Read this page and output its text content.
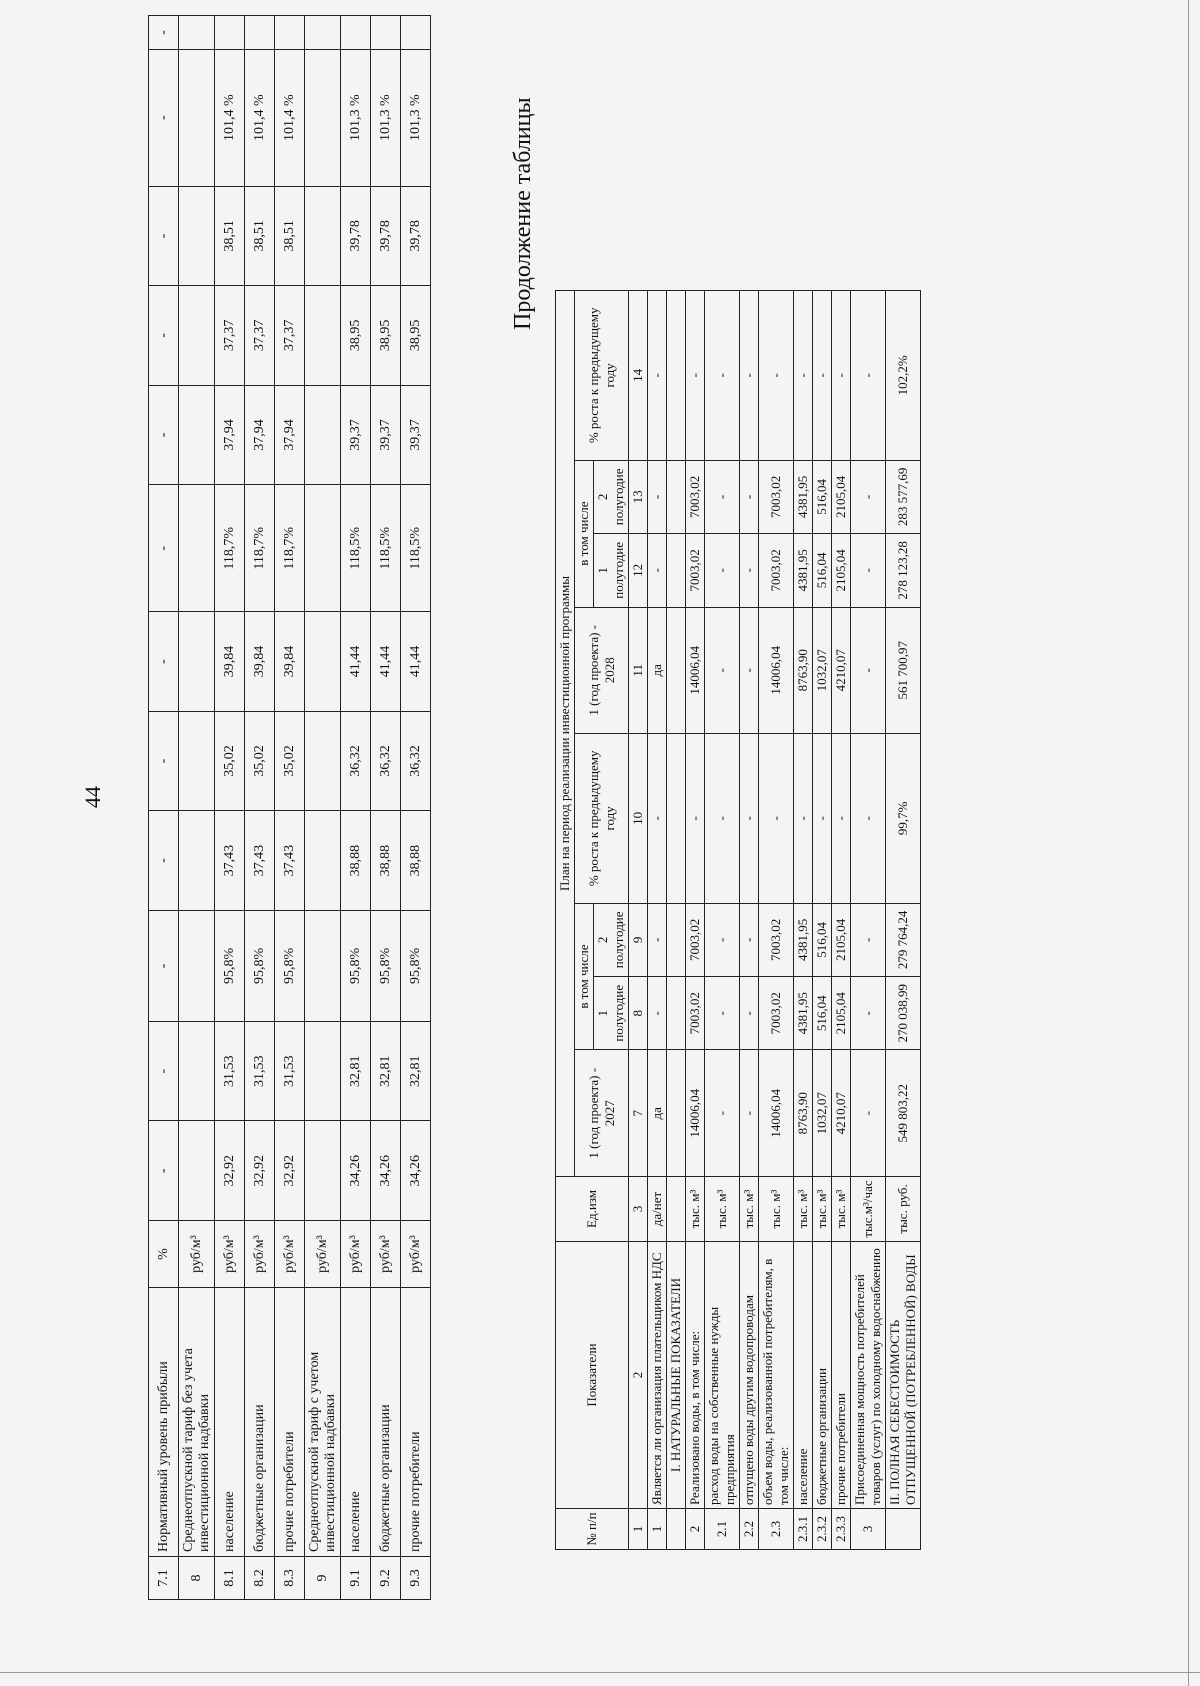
44
Продолжение таблицы
7.1	Нормативный уровень прибыли	%	-	-	-	-	-	-	-	-	-	-	-	-
8	Среднеотпускной тариф без учета инвестиционной надбавки	руб/м³												
8.1	население	руб/м³	32,92	31,53	95,8%	37,43	35,02	39,84	118,7%	37,94	37,37	38,51	101,4 %	
8.2	бюджетные организации	руб/м³	32,92	31,53	95,8%	37,43	35,02	39,84	118,7%	37,94	37,37	38,51	101,4 %	
8.3	прочие потребители	руб/м³	32,92	31,53	95,8%	37,43	35,02	39,84	118,7%	37,94	37,37	38,51	101,4 %	
9	Среднеотпускной тариф с учетом инвестиционной надбавки	руб/м³												
9.1	население	руб/м³	34,26	32,81	95,8%	38,88	36,32	41,44	118,5%	39,37	38,95	39,78	101,3 %	
9.2	бюджетные организации	руб/м³	34,26	32,81	95,8%	38,88	36,32	41,44	118,5%	39,37	38,95	39,78	101,3 %	
9.3	прочие потребители	руб/м³	34,26	32,81	95,8%	38,88	36,32	41,44	118,5%	39,37	38,95	39,78	101,3 %	
№ п/п	Показатели	Ед.изм	План на период реализации инвестиционной программы							
			1 (год проекта) - 2027	в том числе		% роста к предыдущему году	1 (год проекта) - 2028	в том числе		% роста к предыдущему году
				1 полугодие	2 полугодие			1 полугодие	2 полугодие	
1	2	3	7	8	9	10	11	12	13	14
1	Является ли организация плательщиком НДС	да/нет	да	-	-	-	да	-	-	-
	I. НАТУРАЛЬНЫЕ ПОКАЗАТЕЛИ									
2	Реализовано воды, в том числе:	тыс. м³	14006,04	7003,02	7003,02	-	14006,04	7003,02	7003,02	-
2.1	расход воды на собственные нужды предприятия	тыс. м³	-	-	-	-	-	-	-	-
2.2	отпущено воды другим водопроводам	тыс. м³	-	-	-	-	-	-	-	-
2.3	объем воды, реализованной потребителям, в том числе:	тыс. м³	14006,04	7003,02	7003,02	-	14006,04	7003,02	7003,02	-
2.3.1	население	тыс. м³	8763,90	4381,95	4381,95	-	8763,90	4381,95	4381,95	-
2.3.2	бюджетные организации	тыс. м³	1032,07	516,04	516,04	-	1032,07	516,04	516,04	-
2.3.3	прочие потребители	тыс. м³	4210,07	2105,04	2105,04	-	4210,07	2105,04	2105,04	-
3	Присоединенная мощность потребителей товаров (услуг) по холодному водоснабжению	тыс.м³/час	-	-	-	-	-	-	-	-
	II. ПОЛНАЯ СЕБЕСТОИМОСТЬ ОТПУЩЕННОЙ (ПОТРЕБЛЕННОЙ) ВОДЫ	тыс. руб.	549 803,22	270 038,99	279 764,24	99,7%	561 700,97	278 123,28	283 577,69	102,2%
